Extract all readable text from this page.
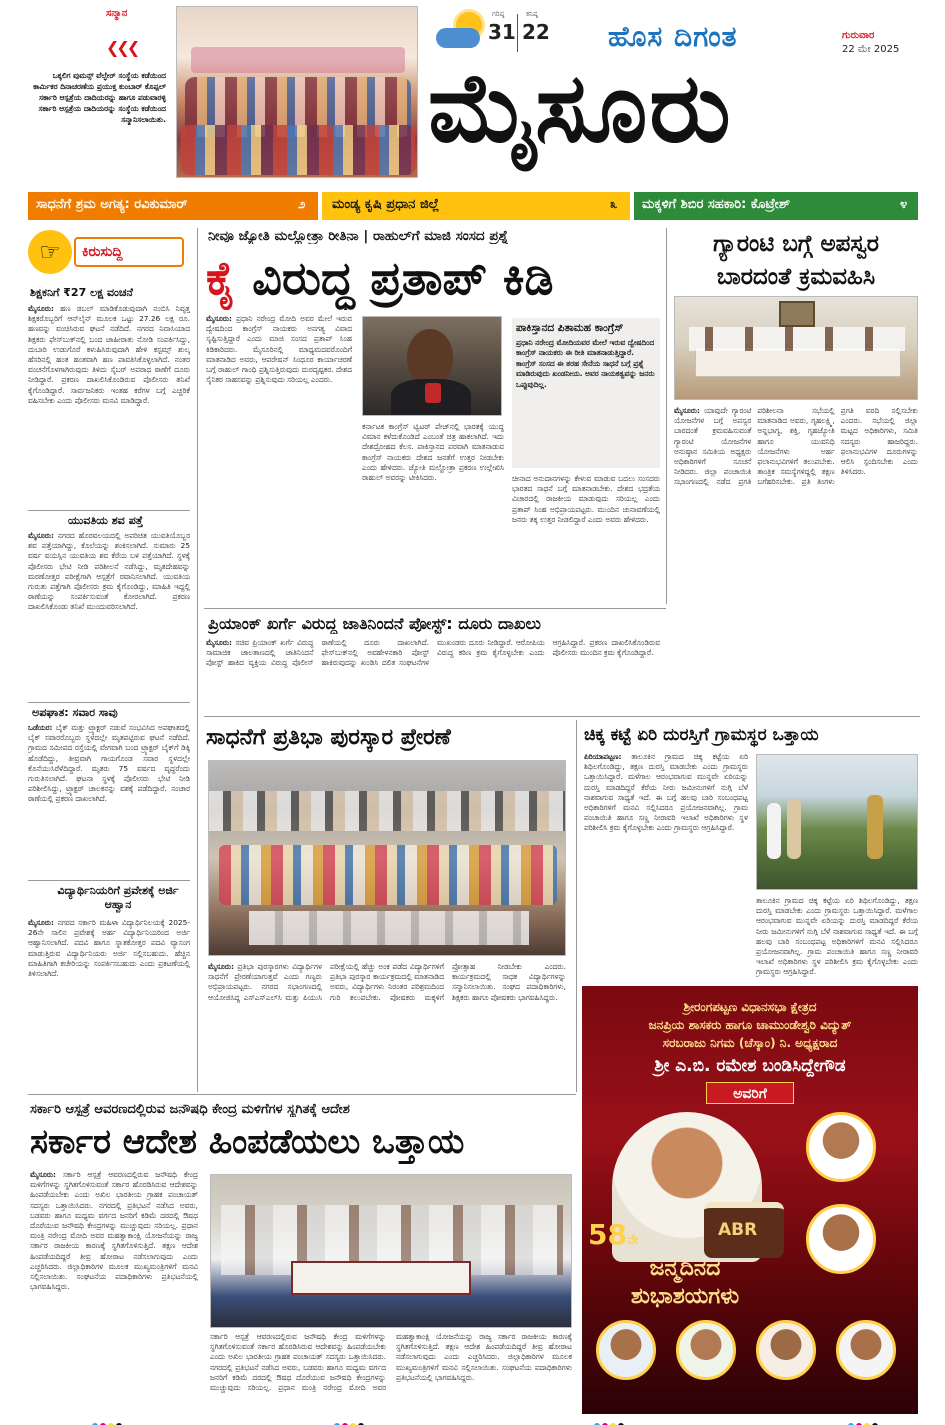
ಸನ್ಮಾನ
❮❮❮
ಒಕ್ಕಲಿಗ ವುಮನ್ಸ್ ವೆಲ್ಫೇರ್ ಸಂಸ್ಥೆಯ ಕಡೆಯಿಂದ ಕಾರ್ಮಿಕರ ದಿನಾಚರಣೆಯ ಪ್ರಯುಕ್ತ ಕುಂಬಾರ್ ಕೊಪ್ಪಲ್ ಸರ್ಕಾರಿ ಆಸ್ಪತ್ರೆಯ ದಾದಿಯರನ್ನು ಹಾಗೂ ಪಡುವಾರಳ್ಳಿ ಸರ್ಕಾರಿ ಆಸ್ಪತ್ರೆಯ ದಾದಿಯರನ್ನು ಸಂಸ್ಥೆಯ ಕಡೆಯಿಂದ ಸನ್ಮಾನಿಸಲಾಯಿತು.
ಗರಿಷ್ಠ
31
ಕನಿಷ್ಠ
22 ಹೊಸ ದಿಗಂತ	ಗುರುವಾರ
22 ಮೇ 2025
ಮೈಸೂರು
ಸಾಧನೆಗೆ ಶ್ರಮ ಅಗತ್ಯ: ರವಿಕುಮಾರ್	೨ ಮಂಡ್ಯ ಕೃಷಿ ಪ್ರಧಾನ ಜಿಲ್ಲೆ	೩ ಮಕ್ಕಳಿಗೆ ಶಿಬಿರ ಸಹಕಾರಿ: ಕೊಟ್ರೇಶ್	೪
☞	ಕಿರುಸುದ್ದಿ
ಶಿಕ್ಷಕನಿಗೆ ₹27 ಲಕ್ಷ ವಂಚನೆ
ಮೈಸೂರು: ಹಣ ಡಬಲ್ ಮಾಡಿಕೊಡುವುದಾಗಿ ನಂಬಿಸಿ ನಿವೃತ್ತ ಶಿಕ್ಷಕರೊಬ್ಬರಿಗೆ ಆನ್‌ಲೈನ್ ಮೂಲಕ ಒಟ್ಟು 27.26 ಲಕ್ಷ ರೂ. ಹಣವನ್ನು ವಂಚಿಸಿರುವ ಘಟನೆ ನಡೆದಿದೆ. ನಗರದ ನಿವಾಸಿಯಾದ ಶಿಕ್ಷಕರು ಫೇಸ್‌ಬುಕ್‌ನಲ್ಲಿ ಬಂದ ಜಾಹೀರಾತು ನೋಡಿ ಸಂಪರ್ಕಿಸಿದ್ದು, ದುಬಾರಿ ಉಡುಗೊರೆ ಕಳುಹಿಸಿರುವುದಾಗಿ ಹೇಳಿ ಕಸ್ಟಮ್ಸ್ ಶುಲ್ಕ ಹೆಸರಿನಲ್ಲಿ ಹಂತ ಹಂತವಾಗಿ ಹಣ ಪಾವತಿಸಿಕೊಳ್ಳಲಾಗಿದೆ. ನಂತರ ವಂಚನೆಗೊಳಗಾಗಿರುವುದು ತಿಳಿದು ಸೈಬರ್ ಅಪರಾಧ ಠಾಣೆಗೆ ದೂರು ನೀಡಿದ್ದಾರೆ. ಪ್ರಕರಣ ದಾಖಲಿಸಿಕೊಂಡಿರುವ ಪೊಲೀಸರು ತನಿಖೆ ಕೈಗೊಂಡಿದ್ದಾರೆ. ಸಾರ್ವಜನಿಕರು ಇಂತಹ ಕರೆಗಳ ಬಗ್ಗೆ ಎಚ್ಚರಿಕೆ ವಹಿಸಬೇಕು ಎಂದು ಪೊಲೀಸರು ಮನವಿ ಮಾಡಿದ್ದಾರೆ.
ಯುವತಿಯ ಶವ ಪತ್ತೆ
ಮೈಸೂರು: ನಗರದ ಹೊರವಲಯದಲ್ಲಿ ಅಪರಿಚಿತ ಯುವತಿಯೊಬ್ಬರ ಶವ ಪತ್ತೆಯಾಗಿದ್ದು, ಕೊಲೆಯನ್ನು ಶಂಕಿಸಲಾಗಿದೆ. ಸುಮಾರು 25 ವರ್ಷ ವಯಸ್ಸಿನ ಯುವತಿಯ ಶವ ಕೆರೆಯ ಬಳಿ ಪತ್ತೆಯಾಗಿದೆ. ಸ್ಥಳಕ್ಕೆ ಪೊಲೀಸರು ಭೇಟಿ ನೀಡಿ ಪರಿಶೀಲನೆ ನಡೆಸಿದ್ದು, ಮೃತದೇಹವನ್ನು ಮರಣೋತ್ತರ ಪರೀಕ್ಷೆಗಾಗಿ ಆಸ್ಪತ್ರೆಗೆ ರವಾನಿಸಲಾಗಿದೆ. ಯುವತಿಯ ಗುರುತು ಪತ್ತೆಗಾಗಿ ಪೊಲೀಸರು ಕ್ರಮ ಕೈಗೊಂಡಿದ್ದು, ಮಾಹಿತಿ ಇದ್ದಲ್ಲಿ ಠಾಣೆಯನ್ನು ಸಂಪರ್ಕಿಸುವಂತೆ ಕೋರಲಾಗಿದೆ. ಪ್ರಕರಣ ದಾಖಲಿಸಿಕೊಂಡು ತನಿಖೆ ಮುಂದುವರಿಸಲಾಗಿದೆ.
ಅಪಘಾತ: ಸವಾರ ಸಾವು
ಒಡೆಯರ: ಬೈಕ್ ಮತ್ತು ಟ್ರ್ಯಾಕ್ಟರ್ ನಡುವೆ ಸಂಭವಿಸಿದ ಅಪಘಾತದಲ್ಲಿ ಬೈಕ್ ಸವಾರರೊಬ್ಬರು ಸ್ಥಳದಲ್ಲೇ ಮೃತಪಟ್ಟಿರುವ ಘಟನೆ ನಡೆದಿದೆ. ಗ್ರಾಮದ ಸಮೀಪದ ರಸ್ತೆಯಲ್ಲಿ ವೇಗವಾಗಿ ಬಂದ ಟ್ರ್ಯಾಕ್ಟರ್ ಬೈಕ್‌ಗೆ ಡಿಕ್ಕಿ ಹೊಡೆದಿದ್ದು, ತೀವ್ರವಾಗಿ ಗಾಯಗೊಂಡ ಸವಾರ ಸ್ಥಳದಲ್ಲೇ ಕೊನೆಯುಸಿರೆಳೆದಿದ್ದಾರೆ. ಮೃತರು 75 ವರ್ಷದ ವೃದ್ಧರೆಂದು ಗುರುತಿಸಲಾಗಿದೆ. ಘಟನಾ ಸ್ಥಳಕ್ಕೆ ಪೊಲೀಸರು ಭೇಟಿ ನೀಡಿ ಪರಿಶೀಲಿಸಿದ್ದು, ಟ್ರ್ಯಾಕ್ಟರ್ ಚಾಲಕನನ್ನು ವಶಕ್ಕೆ ಪಡೆದಿದ್ದಾರೆ. ಸಂಚಾರ ಠಾಣೆಯಲ್ಲಿ ಪ್ರಕರಣ ದಾಖಲಾಗಿದೆ.
ವಿದ್ಯಾರ್ಥಿನಿಯರಿಗೆ ಪ್ರವೇಶಕ್ಕೆ ಅರ್ಜಿ ಆಹ್ವಾನ
ಮೈಸೂರು: ನಗರದ ಸರ್ಕಾರಿ ಮಹಿಳಾ ವಿದ್ಯಾರ್ಥಿನಿಲಯಕ್ಕೆ 2025-26ನೇ ಸಾಲಿನ ಪ್ರವೇಶಕ್ಕೆ ಅರ್ಹ ವಿದ್ಯಾರ್ಥಿನಿಯರಿಂದ ಅರ್ಜಿ ಆಹ್ವಾನಿಸಲಾಗಿದೆ. ಪದವಿ ಹಾಗೂ ಸ್ನಾತಕೋತ್ತರ ಪದವಿ ವ್ಯಾಸಂಗ ಮಾಡುತ್ತಿರುವ ವಿದ್ಯಾರ್ಥಿನಿಯರು ಅರ್ಜಿ ಸಲ್ಲಿಸಬಹುದು. ಹೆಚ್ಚಿನ ಮಾಹಿತಿಗಾಗಿ ಕಚೇರಿಯನ್ನು ಸಂಪರ್ಕಿಸಬಹುದು ಎಂದು ಪ್ರಕಟಣೆಯಲ್ಲಿ ತಿಳಿಸಲಾಗಿದೆ.
ನೀವೂ ಜ್ಯೋತಿ ಮಲ್ಹೋತ್ರಾ ರೀತಿನಾ | ರಾಹುಲ್‌ಗೆ ಮಾಜಿ ಸಂಸದ ಪ್ರಶ್ನೆ
ಕೈ ವಿರುದ್ಧ ಪ್ರತಾಪ್ ಕಿಡಿ
ಮೈಸೂರು: ಪ್ರಧಾನಿ ನರೇಂದ್ರ ಮೋದಿ ಅವರ ಮೇಲೆ ಇರುವ ದ್ವೇಷದಿಂದ ಕಾಂಗ್ರೆಸ್ ನಾಯಕರು ಅನಗತ್ಯ ವಿವಾದ ಸೃಷ್ಟಿಸುತ್ತಿದ್ದಾರೆ ಎಂದು ಮಾಜಿ ಸಂಸದ ಪ್ರತಾಪ್ ಸಿಂಹ ಕಿಡಿಕಾರಿದರು. ಮೈಸೂರಿನಲ್ಲಿ ಮಾಧ್ಯಮದವರೊಂದಿಗೆ ಮಾತನಾಡಿದ ಅವರು, ಆಪರೇಷನ್ ಸಿಂಧೂರ ಕಾರ್ಯಾಚರಣೆ ಬಗ್ಗೆ ರಾಹುಲ್ ಗಾಂಧಿ ಪ್ರಶ್ನಿಸುತ್ತಿರುವುದು ದುರದೃಷ್ಟಕರ. ದೇಶದ ಸೈನಿಕರ ಸಾಹಸವನ್ನು ಪ್ರಶ್ನಿಸುವುದು ಸರಿಯಲ್ಲ ಎಂದರು.
ಕರ್ನಾಟಕ ಕಾಂಗ್ರೆಸ್ ಟ್ವಿಟರ್ ಪೇಜ್‌ನಲ್ಲಿ ಭಾರತಕ್ಕೆ ಯುದ್ಧ ವಿಮಾನ ಕಳೆದುಕೊಂಡಿದೆ ಎಂಬಂತೆ ಚಿತ್ರ ಹಾಕಲಾಗಿದೆ. ಇದು ದೇಶದ್ರೋಹದ ಕೆಲಸ. ಪಾಕಿಸ್ತಾನದ ಪರವಾಗಿ ಮಾತನಾಡುವ ಕಾಂಗ್ರೆಸ್ ನಾಯಕರು ದೇಶದ ಜನತೆಗೆ ಉತ್ತರ ನೀಡಬೇಕು ಎಂದು ಹೇಳಿದರು. ಜ್ಯೋತಿ ಮಲ್ಹೋತ್ರಾ ಪ್ರಕರಣ ಉಲ್ಲೇಖಿಸಿ ರಾಹುಲ್ ಅವರನ್ನು ಟೀಕಿಸಿದರು.
ಪಾಕಿಸ್ತಾನದ ಪಿತಾಮಹ ಕಾಂಗ್ರೆಸ್
ಪ್ರಧಾನಿ ನರೇಂದ್ರ ಮೋದಿಯವರ ಮೇಲೆ ಇರುವ ದ್ವೇಷದಿಂದ ಕಾಂಗ್ರೆಸ್ ನಾಯಕರು ಈ ರೀತಿ ಮಾತನಾಡುತ್ತಿದ್ದಾರೆ. ಕಾಂಗ್ರೆಸ್ ಸಂಸದ ಈ ತರಹ ಸೇನೆಯ ಸಾಧನೆ ಬಗ್ಗೆ ಪ್ರಶ್ನೆ ಮಾಡಿರುವುದು ಖಂಡನೀಯ. ಅವರ ನಾಯಕತ್ವವನ್ನು ಜನರು ಒಪ್ಪುವುದಿಲ್ಲ.
ಚೀನಾದ ಅನುದಾನಗಳನ್ನು ಕೇಳುವ ಮಾಡುವ ಬದಲು ಸಂಸದರು ಭಾರತದ ಸಾಧನೆ ಬಗ್ಗೆ ಮಾತನಾಡಬೇಕು. ದೇಶದ ಭದ್ರತೆಯ ವಿಚಾರದಲ್ಲಿ ರಾಜಕೀಯ ಮಾಡುವುದು ಸರಿಯಲ್ಲ ಎಂದು ಪ್ರತಾಪ್ ಸಿಂಹ ಅಭಿಪ್ರಾಯಪಟ್ಟರು. ಮುಂದಿನ ಚುನಾವಣೆಯಲ್ಲಿ ಜನರು ತಕ್ಕ ಉತ್ತರ ನೀಡಲಿದ್ದಾರೆ ಎಂದು ಅವರು ಹೇಳಿದರು.
ಗ್ಯಾರಂಟಿ ಬಗ್ಗೆ ಅಪಸ್ವರ ಬಾರದಂತೆ ಕ್ರಮವಹಿಸಿ
ಮೈಸೂರು: ಯಾವುದೇ ಗ್ಯಾರಂಟಿ ಯೋಜನೆಗಳ ಬಗ್ಗೆ ಅಪಸ್ವರ ಬಾರದಂತೆ ಕ್ರಮವಹಿಸುವಂತೆ ಗ್ಯಾರಂಟಿ ಯೋಜನೆಗಳ ಅನುಷ್ಠಾನ ಸಮಿತಿಯ ಅಧ್ಯಕ್ಷರು ಅಧಿಕಾರಿಗಳಿಗೆ ಸೂಚನೆ ನೀಡಿದರು. ಜಿಲ್ಲಾ ಪಂಚಾಯಿತಿ ಸಭಾಂಗಣದಲ್ಲಿ ನಡೆದ ಪ್ರಗತಿ ಪರಿಶೀಲನಾ ಸಭೆಯಲ್ಲಿ ಮಾತನಾಡಿದ ಅವರು, ಗೃಹಲಕ್ಷ್ಮಿ, ಅನ್ನಭಾಗ್ಯ, ಶಕ್ತಿ, ಗೃಹಜ್ಯೋತಿ ಹಾಗೂ ಯುವನಿಧಿ ಯೋಜನೆಗಳು ಅರ್ಹ ಫಲಾನುಭವಿಗಳಿಗೆ ತಲುಪಬೇಕು. ತಾಂತ್ರಿಕ ಸಮಸ್ಯೆಗಳಿದ್ದಲ್ಲಿ ತಕ್ಷಣ ಬಗೆಹರಿಸಬೇಕು. ಪ್ರತಿ ತಿಂಗಳು ಪ್ರಗತಿ ವರದಿ ಸಲ್ಲಿಸಬೇಕು ಎಂದರು. ಸಭೆಯಲ್ಲಿ ಜಿಲ್ಲಾ ಮಟ್ಟದ ಅಧಿಕಾರಿಗಳು, ಸಮಿತಿ ಸದಸ್ಯರು ಹಾಜರಿದ್ದರು. ಫಲಾನುಭವಿಗಳ ದೂರುಗಳನ್ನು ಆಲಿಸಿ ಸ್ಪಂದಿಸಬೇಕು ಎಂದು ತಿಳಿಸಿದರು.
ಪ್ರಿಯಾಂಕ್ ಖರ್ಗೆ ವಿರುದ್ಧ ಜಾತಿನಿಂದನೆ ಪೋಸ್ಟ್: ದೂರು ದಾಖಲು
ಮೈಸೂರು: ಸಚಿವ ಪ್ರಿಯಾಂಕ್ ಖರ್ಗೆ ವಿರುದ್ಧ ಸಾಮಾಜಿಕ ಜಾಲತಾಣದಲ್ಲಿ ಜಾತಿನಿಂದನೆ ಪೋಸ್ಟ್ ಹಾಕಿದ ವ್ಯಕ್ತಿಯ ವಿರುದ್ಧ ಪೊಲೀಸ್ ಠಾಣೆಯಲ್ಲಿ ದೂರು ದಾಖಲಾಗಿದೆ. ಫೇಸ್‌ಬುಕ್‌ನಲ್ಲಿ ಅವಹೇಳನಕಾರಿ ಪೋಸ್ಟ್ ಹಾಕಿರುವುದನ್ನು ಖಂಡಿಸಿ ದಲಿತ ಸಂಘಟನೆಗಳ ಮುಖಂಡರು ದೂರು ನೀಡಿದ್ದಾರೆ. ಆರೋಪಿಯ ವಿರುದ್ಧ ಕಠಿಣ ಕ್ರಮ ಕೈಗೊಳ್ಳಬೇಕು ಎಂದು ಆಗ್ರಹಿಸಿದ್ದಾರೆ. ಪ್ರಕರಣ ದಾಖಲಿಸಿಕೊಂಡಿರುವ ಪೊಲೀಸರು ಮುಂದಿನ ಕ್ರಮ ಕೈಗೊಂಡಿದ್ದಾರೆ.
ಸಾಧನೆಗೆ ಪ್ರತಿಭಾ ಪುರಸ್ಕಾರ ಪ್ರೇರಣೆ
ಮೈಸೂರು: ಪ್ರತಿಭಾ ಪುರಸ್ಕಾರಗಳು ವಿದ್ಯಾರ್ಥಿಗಳ ಸಾಧನೆಗೆ ಪ್ರೇರಣೆಯಾಗುತ್ತವೆ ಎಂದು ಗಣ್ಯರು ಅಭಿಪ್ರಾಯಪಟ್ಟರು. ನಗರದ ಸಭಾಂಗಣದಲ್ಲಿ ಆಯೋಜಿಸಿದ್ದ ಎಸ್ಎಸ್ಎಲ್‌ಸಿ ಮತ್ತು ಪಿಯುಸಿ ಪರೀಕ್ಷೆಯಲ್ಲಿ ಹೆಚ್ಚು ಅಂಕ ಪಡೆದ ವಿದ್ಯಾರ್ಥಿಗಳಿಗೆ ಪ್ರತಿಭಾ ಪುರಸ್ಕಾರ ಕಾರ್ಯಕ್ರಮದಲ್ಲಿ ಮಾತನಾಡಿದ ಅವರು, ವಿದ್ಯಾರ್ಥಿಗಳು ನಿರಂತರ ಪರಿಶ್ರಮದಿಂದ ಗುರಿ ತಲುಪಬೇಕು. ಪೋಷಕರು ಮಕ್ಕಳಿಗೆ ಪ್ರೋತ್ಸಾಹ ನೀಡಬೇಕು ಎಂದರು. ಕಾರ್ಯಕ್ರಮದಲ್ಲಿ ಸಾಧಕ ವಿದ್ಯಾರ್ಥಿಗಳನ್ನು ಸನ್ಮಾನಿಸಲಾಯಿತು. ಸಂಘದ ಪದಾಧಿಕಾರಿಗಳು, ಶಿಕ್ಷಕರು ಹಾಗೂ ಪೋಷಕರು ಭಾಗವಹಿಸಿದ್ದರು.
ಚಿಕ್ಕ ಕಟ್ಟೆ ಏರಿ ದುರಸ್ತಿಗೆ ಗ್ರಾಮಸ್ಥರ ಒತ್ತಾಯ
ಪಿರಿಯಾಪಟ್ಟಣ: ತಾಲೂಕಿನ ಗ್ರಾಮದ ಚಿಕ್ಕ ಕಟ್ಟೆಯ ಏರಿ ಶಿಥಿಲಗೊಂಡಿದ್ದು, ತಕ್ಷಣ ದುರಸ್ತಿ ಮಾಡಬೇಕು ಎಂದು ಗ್ರಾಮಸ್ಥರು ಒತ್ತಾಯಿಸಿದ್ದಾರೆ. ಮಳೆಗಾಲ ಆರಂಭವಾಗುವ ಮುನ್ನವೇ ಏರಿಯನ್ನು ದುರಸ್ತಿ ಮಾಡದಿದ್ದರೆ ಕೆರೆಯ ನೀರು ಜಮೀನುಗಳಿಗೆ ನುಗ್ಗಿ ಬೆಳೆ ನಾಶವಾಗುವ ಸಾಧ್ಯತೆ ಇದೆ. ಈ ಬಗ್ಗೆ ಹಲವು ಬಾರಿ ಸಂಬಂಧಪಟ್ಟ ಅಧಿಕಾರಿಗಳಿಗೆ ಮನವಿ ಸಲ್ಲಿಸಿದರೂ ಪ್ರಯೋಜನವಾಗಿಲ್ಲ. ಗ್ರಾಮ ಪಂಚಾಯಿತಿ ಹಾಗೂ ಸಣ್ಣ ನೀರಾವರಿ ಇಲಾಖೆ ಅಧಿಕಾರಿಗಳು ಸ್ಥಳ ಪರಿಶೀಲಿಸಿ ಕ್ರಮ ಕೈಗೊಳ್ಳಬೇಕು ಎಂದು ಗ್ರಾಮಸ್ಥರು ಆಗ್ರಹಿಸಿದ್ದಾರೆ.
ತಾಲೂಕಿನ ಗ್ರಾಮದ ಚಿಕ್ಕ ಕಟ್ಟೆಯ ಏರಿ ಶಿಥಿಲಗೊಂಡಿದ್ದು, ತಕ್ಷಣ ದುರಸ್ತಿ ಮಾಡಬೇಕು ಎಂದು ಗ್ರಾಮಸ್ಥರು ಒತ್ತಾಯಿಸಿದ್ದಾರೆ. ಮಳೆಗಾಲ ಆರಂಭವಾಗುವ ಮುನ್ನವೇ ಏರಿಯನ್ನು ದುರಸ್ತಿ ಮಾಡದಿದ್ದರೆ ಕೆರೆಯ ನೀರು ಜಮೀನುಗಳಿಗೆ ನುಗ್ಗಿ ಬೆಳೆ ನಾಶವಾಗುವ ಸಾಧ್ಯತೆ ಇದೆ. ಈ ಬಗ್ಗೆ ಹಲವು ಬಾರಿ ಸಂಬಂಧಪಟ್ಟ ಅಧಿಕಾರಿಗಳಿಗೆ ಮನವಿ ಸಲ್ಲಿಸಿದರೂ ಪ್ರಯೋಜನವಾಗಿಲ್ಲ. ಗ್ರಾಮ ಪಂಚಾಯಿತಿ ಹಾಗೂ ಸಣ್ಣ ನೀರಾವರಿ ಇಲಾಖೆ ಅಧಿಕಾರಿಗಳು ಸ್ಥಳ ಪರಿಶೀಲಿಸಿ ಕ್ರಮ ಕೈಗೊಳ್ಳಬೇಕು ಎಂದು ಗ್ರಾಮಸ್ಥರು ಆಗ್ರಹಿಸಿದ್ದಾರೆ.
ಶ್ರೀರಂಗಪಟ್ಟಣ ವಿಧಾನಸಭಾ ಕ್ಷೇತ್ರದ
ಜನಪ್ರಿಯ ಶಾಸಕರು ಹಾಗೂ ಚಾಮುಂಡೇಶ್ವರಿ ವಿದ್ಯುತ್
ಸರಬರಾಜು ನಿಗಮ (ಚೆಸ್ಕಾಂ) ನಿ. ಅಧ್ಯಕ್ಷರಾದ
ಶ್ರೀ ಎ.ಬಿ. ರಮೇಶ ಬಂಡಿಸಿದ್ದೇಗೌಡ
ಅವರಿಗೆ
ABR
58ನೇ
ಜನ್ಮದಿನದ
ಶುಭಾಶಯಗಳು
ಸರ್ಕಾರಿ ಆಸ್ಪತ್ರೆ ಆವರಣದಲ್ಲಿರುವ ಜನೌಷಧಿ ಕೇಂದ್ರ ಮಳಿಗೆಗಳ ಸ್ಥಗಿತಕ್ಕೆ ಆದೇಶ
ಸರ್ಕಾರ ಆದೇಶ ಹಿಂಪಡೆಯಲು ಒತ್ತಾಯ
ಮೈಸೂರು: ಸರ್ಕಾರಿ ಆಸ್ಪತ್ರೆ ಆವರಣದಲ್ಲಿರುವ ಜನೌಷಧಿ ಕೇಂದ್ರ ಮಳಿಗೆಗಳನ್ನು ಸ್ಥಗಿತಗೊಳಿಸುವಂತೆ ಸರ್ಕಾರ ಹೊರಡಿಸಿರುವ ಆದೇಶವನ್ನು ಹಿಂಪಡೆಯಬೇಕು ಎಂದು ಅಖಿಲ ಭಾರತೀಯ ಗ್ರಾಹಕ ಪಂಚಾಯತ್ ಸದಸ್ಯರು ಒತ್ತಾಯಿಸಿದರು. ನಗರದಲ್ಲಿ ಪ್ರತಿಭಟನೆ ನಡೆಸಿದ ಅವರು, ಬಡವರು ಹಾಗೂ ಮಧ್ಯಮ ವರ್ಗದ ಜನರಿಗೆ ಕಡಿಮೆ ದರದಲ್ಲಿ ಔಷಧ ದೊರೆಯುವ ಜನೌಷಧಿ ಕೇಂದ್ರಗಳನ್ನು ಮುಚ್ಚುವುದು ಸರಿಯಲ್ಲ. ಪ್ರಧಾನ ಮಂತ್ರಿ ನರೇಂದ್ರ ಮೋದಿ ಅವರ ಮಹತ್ವಾಕಾಂಕ್ಷಿ ಯೋಜನೆಯನ್ನು ರಾಜ್ಯ ಸರ್ಕಾರ ರಾಜಕೀಯ ಕಾರಣಕ್ಕೆ ಸ್ಥಗಿತಗೊಳಿಸುತ್ತಿದೆ. ತಕ್ಷಣ ಆದೇಶ ಹಿಂಪಡೆಯದಿದ್ದರೆ ತೀವ್ರ ಹೋರಾಟ ನಡೆಸಲಾಗುವುದು ಎಂದು ಎಚ್ಚರಿಸಿದರು. ಜಿಲ್ಲಾಧಿಕಾರಿಗಳ ಮೂಲಕ ಮುಖ್ಯಮಂತ್ರಿಗಳಿಗೆ ಮನವಿ ಸಲ್ಲಿಸಲಾಯಿತು. ಸಂಘಟನೆಯ ಪದಾಧಿಕಾರಿಗಳು ಪ್ರತಿಭಟನೆಯಲ್ಲಿ ಭಾಗವಹಿಸಿದ್ದರು.
ಸರ್ಕಾರಿ ಆಸ್ಪತ್ರೆ ಆವರಣದಲ್ಲಿರುವ ಜನೌಷಧಿ ಕೇಂದ್ರ ಮಳಿಗೆಗಳನ್ನು ಸ್ಥಗಿತಗೊಳಿಸುವಂತೆ ಸರ್ಕಾರ ಹೊರಡಿಸಿರುವ ಆದೇಶವನ್ನು ಹಿಂಪಡೆಯಬೇಕು ಎಂದು ಅಖಿಲ ಭಾರತೀಯ ಗ್ರಾಹಕ ಪಂಚಾಯತ್ ಸದಸ್ಯರು ಒತ್ತಾಯಿಸಿದರು. ನಗರದಲ್ಲಿ ಪ್ರತಿಭಟನೆ ನಡೆಸಿದ ಅವರು, ಬಡವರು ಹಾಗೂ ಮಧ್ಯಮ ವರ್ಗದ ಜನರಿಗೆ ಕಡಿಮೆ ದರದಲ್ಲಿ ಔಷಧ ದೊರೆಯುವ ಜನೌಷಧಿ ಕೇಂದ್ರಗಳನ್ನು ಮುಚ್ಚುವುದು ಸರಿಯಲ್ಲ. ಪ್ರಧಾನ ಮಂತ್ರಿ ನರೇಂದ್ರ ಮೋದಿ ಅವರ ಮಹತ್ವಾಕಾಂಕ್ಷಿ ಯೋಜನೆಯನ್ನು ರಾಜ್ಯ ಸರ್ಕಾರ ರಾಜಕೀಯ ಕಾರಣಕ್ಕೆ ಸ್ಥಗಿತಗೊಳಿಸುತ್ತಿದೆ. ತಕ್ಷಣ ಆದೇಶ ಹಿಂಪಡೆಯದಿದ್ದರೆ ತೀವ್ರ ಹೋರಾಟ ನಡೆಸಲಾಗುವುದು ಎಂದು ಎಚ್ಚರಿಸಿದರು. ಜಿಲ್ಲಾಧಿಕಾರಿಗಳ ಮೂಲಕ ಮುಖ್ಯಮಂತ್ರಿಗಳಿಗೆ ಮನವಿ ಸಲ್ಲಿಸಲಾಯಿತು. ಸಂಘಟನೆಯ ಪದಾಧಿಕಾರಿಗಳು ಪ್ರತಿಭಟನೆಯಲ್ಲಿ ಭಾಗವಹಿಸಿದ್ದರು.
